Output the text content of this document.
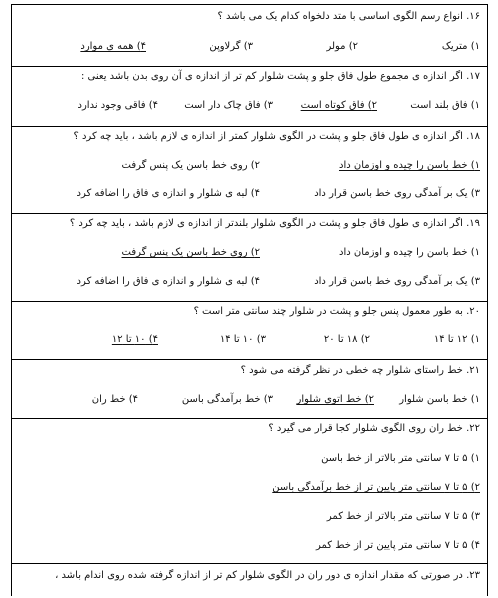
۱۶. انواع رسم الگوی اساسی با متد دلخواه کدام یک می باشد ؟
۱) متریک
۲) مولر
۳) گرلاوپن
۴) همه ی موارد
۱۷. اگر اندازه ی مجموع طول فاق جلو و پشت شلوار کم تر از اندازه ی آن روی بدن باشد یعنی :
۱) فاق بلند است
۲) فاق کوتاه است
۳) فاق چاک دار است
۴) فاقی وجود ندارد
۱۸. اگر اندازه ی طول فاق جلو و پشت در الگوی شلوار کمتر از اندازه ی لازم باشد ، باید چه کرد ؟
۱) خط باسن را چیده و اوزمان داد
۲) روی خط باسن یک پنس گرفت
۳) یک بر آمدگی روی خط باسن قرار داد
۴) لبه ی شلوار و اندازه ی فاق را اضافه کرد
۱۹. اگر اندازه ی طول فاق جلو و پشت در الگوی شلوار بلندتر از اندازه ی لازم باشد ، باید چه کرد ؟
۱) خط باسن را چیده و اوزمان داد
۲) روی خط باسن یک پنس گرفت
۳) یک بر آمدگی روی خط باسن قرار داد
۴) لبه ی شلوار و اندازه ی فاق را اضافه کرد
۲۰. به طور معمول پنس جلو و پشت در شلوار چند سانتی متر است ؟
۱) ۱۲ تا ۱۴
۲) ۱۸ تا ۲۰
۳) ۱۰ تا ۱۴
۴) ۱۰ تا ۱۲
۲۱. خط راستای شلوار چه خطی در نظر گرفته می شود ؟
۱) خط باسن شلوار
۲) خط اتوی شلوار
۳) خط برآمدگی باسن
۴) خط ران
۲۲. خط ران روی الگوی شلوار کجا قرار می گیرد ؟
۱) ۵ تا ۷ سانتی متر بالاتر از خط باسن
۲) ۵ تا ۷ سانتی متر پایین تر از خط برآمدگی باسن
۳) ۵ تا ۷ سانتی متر بالاتر از خط کمر
۴) ۵ تا ۷ سانتی متر پایین تر از خط کمر
۲۳. در صورتی که مقدار اندازه ی دور ران در الگوی شلوار کم تر از اندازه گرفته شده روی اندام باشد ،
